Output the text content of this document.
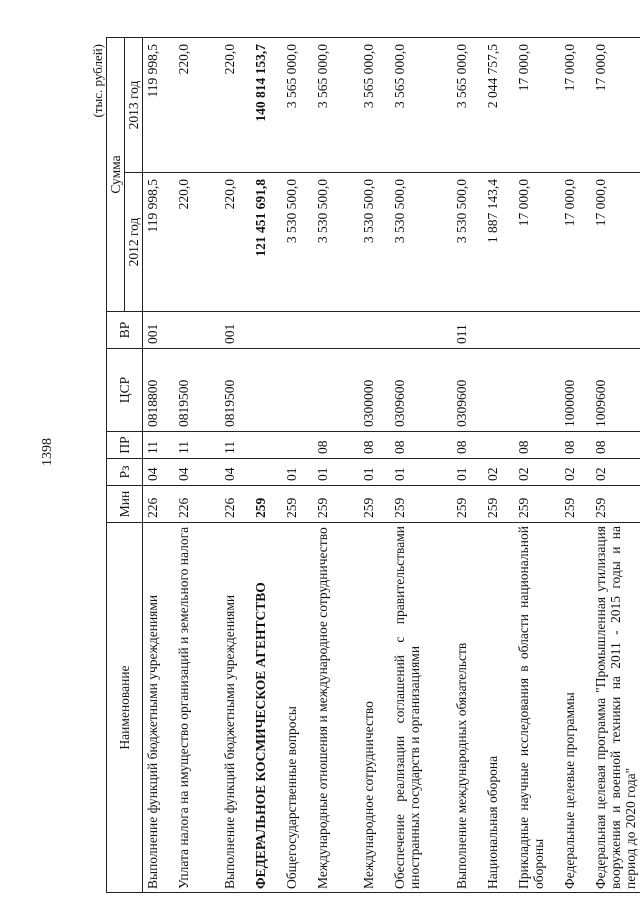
1398
(тыс. рублей)
Наименование	Мин	Рз	ПР	ЦСР	ВР	Сумма	
						2012 год	2013 год
Выполнение функций бюджетными учреждениями	226	04	11	0818800	001	119 998,5	119 998,5
Уплата налога на имущество организаций и земельного налога	226	04	11	0819500		220,0	220,0
Выполнение функций бюджетными учреждениями	226	04	11	0819500	001	220,0	220,0
ФЕДЕРАЛЬНОЕ КОСМИЧЕСКОЕ АГЕНТСТВО	259					121 451 691,8	140 814 153,7
Общегосударственные вопросы	259	01				3 530 500,0	3 565 000,0
Международные отношения и международное сотрудничество	259	01	08			3 530 500,0	3 565 000,0
Международное сотрудничество	259	01	08	0300000		3 530 500,0	3 565 000,0
Обеспечение реализации соглашений с правительствами иностранных государств и организациями	259	01	08	0309600		3 530 500,0	3 565 000,0
Выполнение международных обязательств	259	01	08	0309600	011	3 530 500,0	3 565 000,0
Национальная оборона	259	02				1 887 143,4	2 044 757,5
Прикладные научные исследования в области национальной обороны	259	02	08			17 000,0	17 000,0
Федеральные целевые программы	259	02	08	1000000		17 000,0	17 000,0
Федеральная целевая программа "Промышленная утилизация вооружения и военной техники на 2011 - 2015 годы и на период до 2020 года"	259	02	08	1009600		17 000,0	17 000,0
